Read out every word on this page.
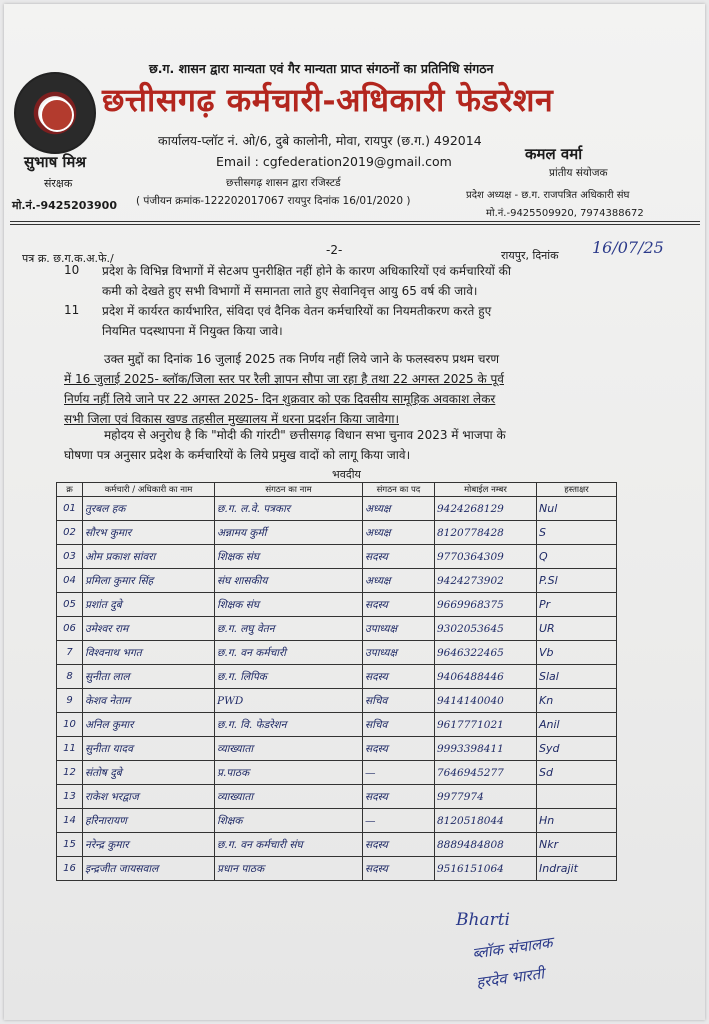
छ.ग. शासन द्वारा मान्यता एवं गैर मान्यता प्राप्त संगठनों का प्रतिनिधि संगठन
छत्तीसगढ़ कर्मचारी-अधिकारी फेडरेशन
कार्यालय-प्लॉट नं. ओ/6, दुबे कालोनी, मोवा, रायपुर (छ.ग.) 492014
Email : cgfederation2019@gmail.com
छत्तीसगढ़ शासन द्वारा रजिस्टर्ड
( पंजीयन क्रमांक-122202017067 रायपुर दिनांक 16/01/2020 )
सुभाष मिश्र
संरक्षक
मो.नं.-9425203900
कमल वर्मा
प्रांतीय संयोजक
प्रदेश अध्यक्ष - छ.ग. राजपत्रित अधिकारी संघ
मो.नं.-9425509920, 7974388672
पत्र क्र. छ.ग.क.अ.फे./
-2-	रायपुर, दिनांक 16/07/25
10 प्रदेश के विभिन्न विभागों में सेटअप पुनरीक्षित नहीं होने के कारण अधिकारियों एवं कर्मचारियों की
कमी को देखते हुए सभी विभागों में समानता लाते हुए सेवानिवृत्त आयु 65 वर्ष की जावे।
11 प्रदेश में कार्यरत कार्यभारित, संविदा एवं दैनिक वेतन कर्मचारियों का नियमतीकरण करते हुए
नियमित पदस्थापना में नियुक्त किया जावे।
उक्त मुद्दों का दिनांक 16 जुलाई 2025 तक निर्णय नहीं लिये जाने के फलस्वरुप प्रथम चरण
में 16 जुलाई 2025- ब्लॉक/जिला स्तर पर रैली ज्ञापन सौपा जा रहा है तथा 22 अगस्त 2025 के पूर्व
निर्णय नहीं लिये जाने पर 22 अगस्त 2025- दिन शुक्रवार को एक दिवसीय सामूहिक अवकाश लेकर
सभी जिला एवं विकास खण्ड तहसील मुख्यालय में धरना प्रदर्शन किया जावेगा।
महोदय से अनुरोध है कि "मोदी की गांरटी" छत्तीसगढ़ विधान सभा चुनाव 2023 में भाजपा के
घोषणा पत्र अनुसार प्रदेश के कर्मचारियों के लिये प्रमुख वादों को लागू किया जावे।
भवदीय
क्र	कर्मचारी / अधिकारी का नाम	संगठन का नाम	संगठन का पद	मोबाईल नम्बर	हस्ताक्षर
01	तुरबल हक	छ.ग. ल.वे. पत्रकार	अध्यक्ष	9424268129	Nul
02	सौरभ कुमार	अन्नामय कुर्मी	अध्यक्ष	8120778428	S
03	ओम प्रकाश सांवरा	शिक्षक संघ	सदस्य	9770364309	Q
04	प्रमिला कुमार सिंह	संघ शासकीय	अध्यक्ष	9424273902	P.Sl
05	प्रशांत दुबे	शिक्षक संघ	सदस्य	9669968375	Pr
06	उमेश्वर राम	छ.ग. लघु वेतन	उपाध्यक्ष	9302053645	UR
7	विश्वनाथ भगत	छ.ग. वन कर्मचारी	उपाध्यक्ष	9646322465	Vb
8	सुनीता लाल	छ.ग. लिपिक	सदस्य	9406488446	Slal
9	केशव नेताम	PWD	सचिव	9414140040	Kn
10	अनिल कुमार	छ.ग. वि. फेडरेशन	सचिव	9617771021	Anil
11	सुनीता यादव	व्याख्याता	सदस्य	9993398411	Syd
12	संतोष दुबे	प्र.पाठक	—	7646945277	Sd
13	राकेश भरद्वाज	व्याख्याता	सदस्य	9977974	
14	हरिनारायण	शिक्षक	—	8120518044	Hn
15	नरेन्द्र कुमार	छ.ग. वन कर्मचारी संघ	सदस्य	8889484808	Nkr
16	इन्द्रजीत जायसवाल	प्रधान पाठक	सदस्य	9516151064	Indrajit
Bharti
ब्लॉक संचालक
हरदेव भारती
